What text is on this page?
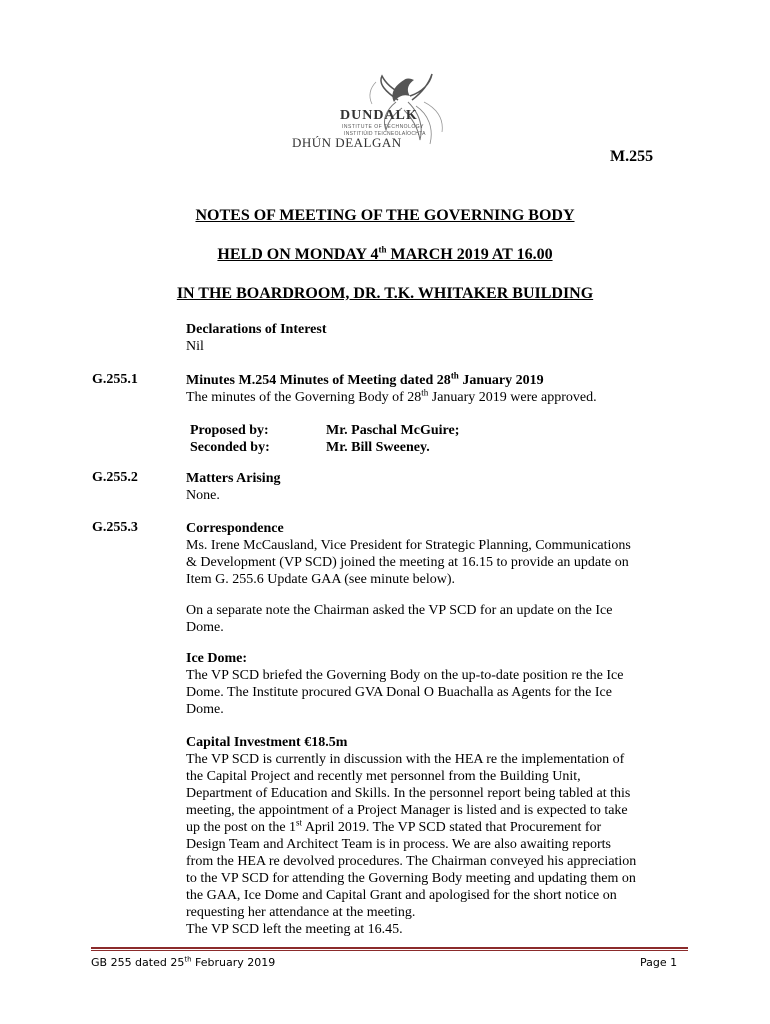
DUNDALK
INSTITUTE OF TECHNOLOGY
INSTITIÚID TEICNEOLAÍOCHTA
DHÚN DEALGAN
M.255
NOTES OF MEETING OF THE GOVERNING BODY
HELD ON MONDAY 4th MARCH 2019 AT 16.00
IN THE BOARDROOM, DR. T.K. WHITAKER BUILDING
Declarations of Interest
Nil
G.255.1	Minutes M.254 Minutes of Meeting dated 28th January 2019
The minutes of the Governing Body of 28th January 2019 were approved.
Proposed by:	Mr. Paschal McGuire;
Seconded by:	Mr. Bill Sweeney.
G.255.2	Matters Arising
None.
G.255.3	Correspondence
Ms. Irene McCausland, Vice President for Strategic Planning, Communications
& Development (VP SCD) joined the meeting at 16.15 to provide an update on
Item G. 255.6 Update GAA (see minute below).
On a separate note the Chairman asked the VP SCD for an update on the Ice
Dome.
Ice Dome:
The VP SCD briefed the Governing Body on the up-to-date position re the Ice
Dome. The Institute procured GVA Donal O Buachalla as Agents for the Ice
Dome.
Capital Investment €18.5m
The VP SCD is currently in discussion with the HEA re the implementation of
the Capital Project and recently met personnel from the Building Unit,
Department of Education and Skills. In the personnel report being tabled at this
meeting, the appointment of a Project Manager is listed and is expected to take
up the post on the 1st April 2019. The VP SCD stated that Procurement for
Design Team and Architect Team is in process. We are also awaiting reports
from the HEA re devolved procedures. The Chairman conveyed his appreciation
to the VP SCD for attending the Governing Body meeting and updating them on
the GAA, Ice Dome and Capital Grant and apologised for the short notice on
requesting her attendance at the meeting.
The VP SCD left the meeting at 16.45.
GB 255 dated 25th February 2019	Page 1
